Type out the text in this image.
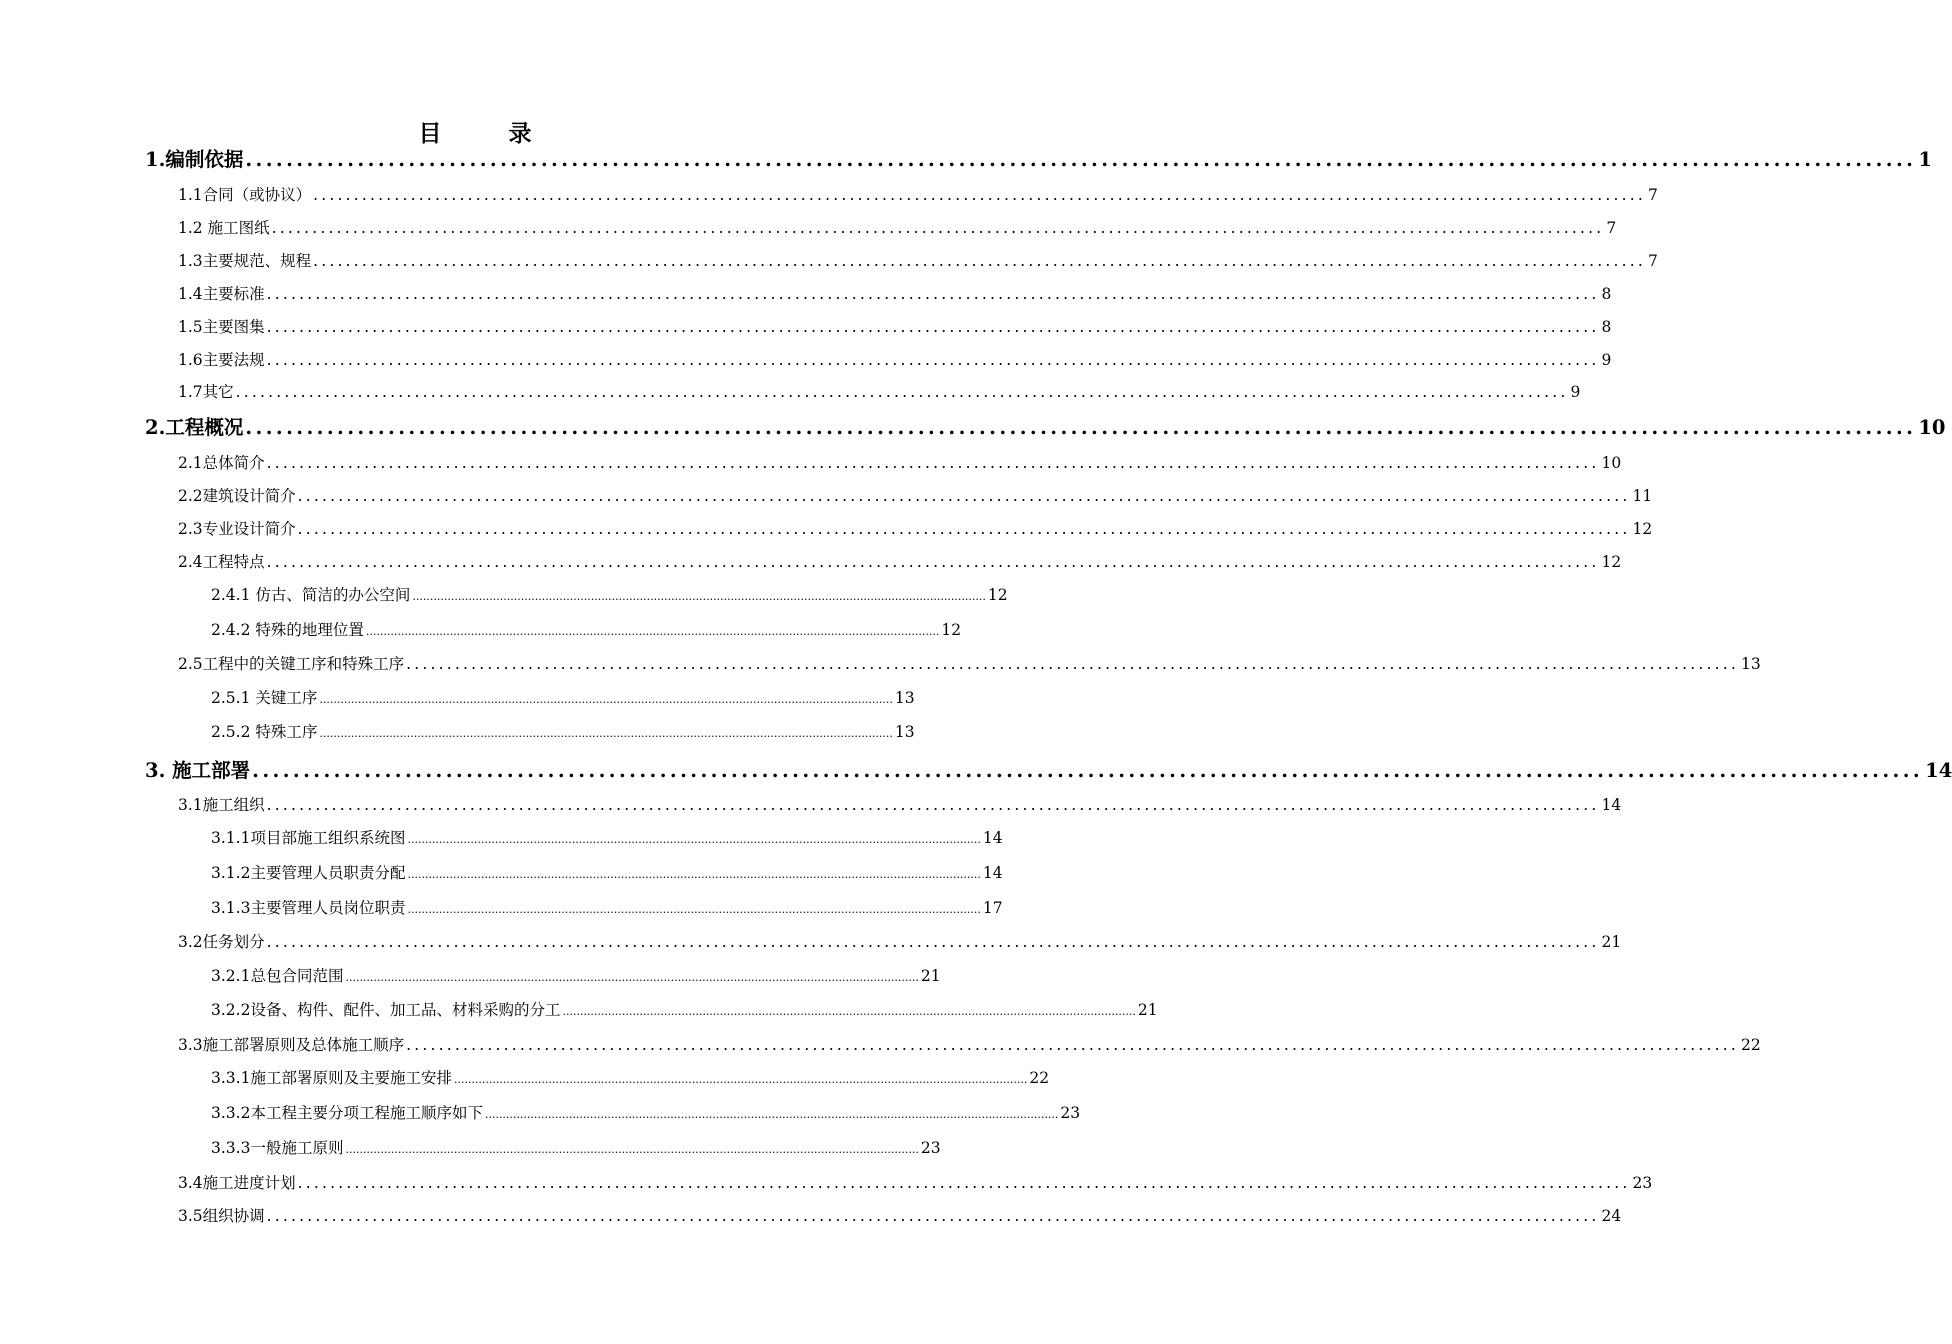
目　录
1.编制依据 .................................................................................................................................................................... 1
1.1合同（或协议） .................................................................................................................................................................... 7
1.2 施工图纸 .................................................................................................................................................................... 7
1.3主要规范、规程 .................................................................................................................................................................... 7
1.4主要标准 .................................................................................................................................................................... 8
1.5主要图集 .................................................................................................................................................................... 8
1.6主要法规 .................................................................................................................................................................... 9
1.7其它 .................................................................................................................................................................... 9
2.工程概况 .................................................................................................................................................................... 10
2.1总体简介 .................................................................................................................................................................... 10
2.2建筑设计简介 .................................................................................................................................................................... 11
2.3专业设计简介 .................................................................................................................................................................... 12
2.4工程特点 .................................................................................................................................................................... 12
2.4.1 仿古、简洁的办公空间 .................................................................................................................................................................... 12
2.4.2 特殊的地理位置 .................................................................................................................................................................... 12
2.5工程中的关键工序和特殊工序 .................................................................................................................................................................... 13
2.5.1 关键工序 .................................................................................................................................................................... 13
2.5.2 特殊工序 .................................................................................................................................................................... 13
3. 施工部署 .................................................................................................................................................................... 14
3.1施工组织 .................................................................................................................................................................... 14
3.1.1项目部施工组织系统图 .................................................................................................................................................................... 14
3.1.2主要管理人员职责分配 .................................................................................................................................................................... 14
3.1.3主要管理人员岗位职责 .................................................................................................................................................................... 17
3.2任务划分 .................................................................................................................................................................... 21
3.2.1总包合同范围 .................................................................................................................................................................... 21
3.2.2设备、构件、配件、加工品、材料采购的分工 .................................................................................................................................................................... 21
3.3施工部署原则及总体施工顺序 .................................................................................................................................................................... 22
3.3.1施工部署原则及主要施工安排 .................................................................................................................................................................... 22
3.3.2本工程主要分项工程施工顺序如下 .................................................................................................................................................................... 23
3.3.3一般施工原则 .................................................................................................................................................................... 23
3.4施工进度计划 .................................................................................................................................................................... 23
3.5组织协调 .................................................................................................................................................................... 24
